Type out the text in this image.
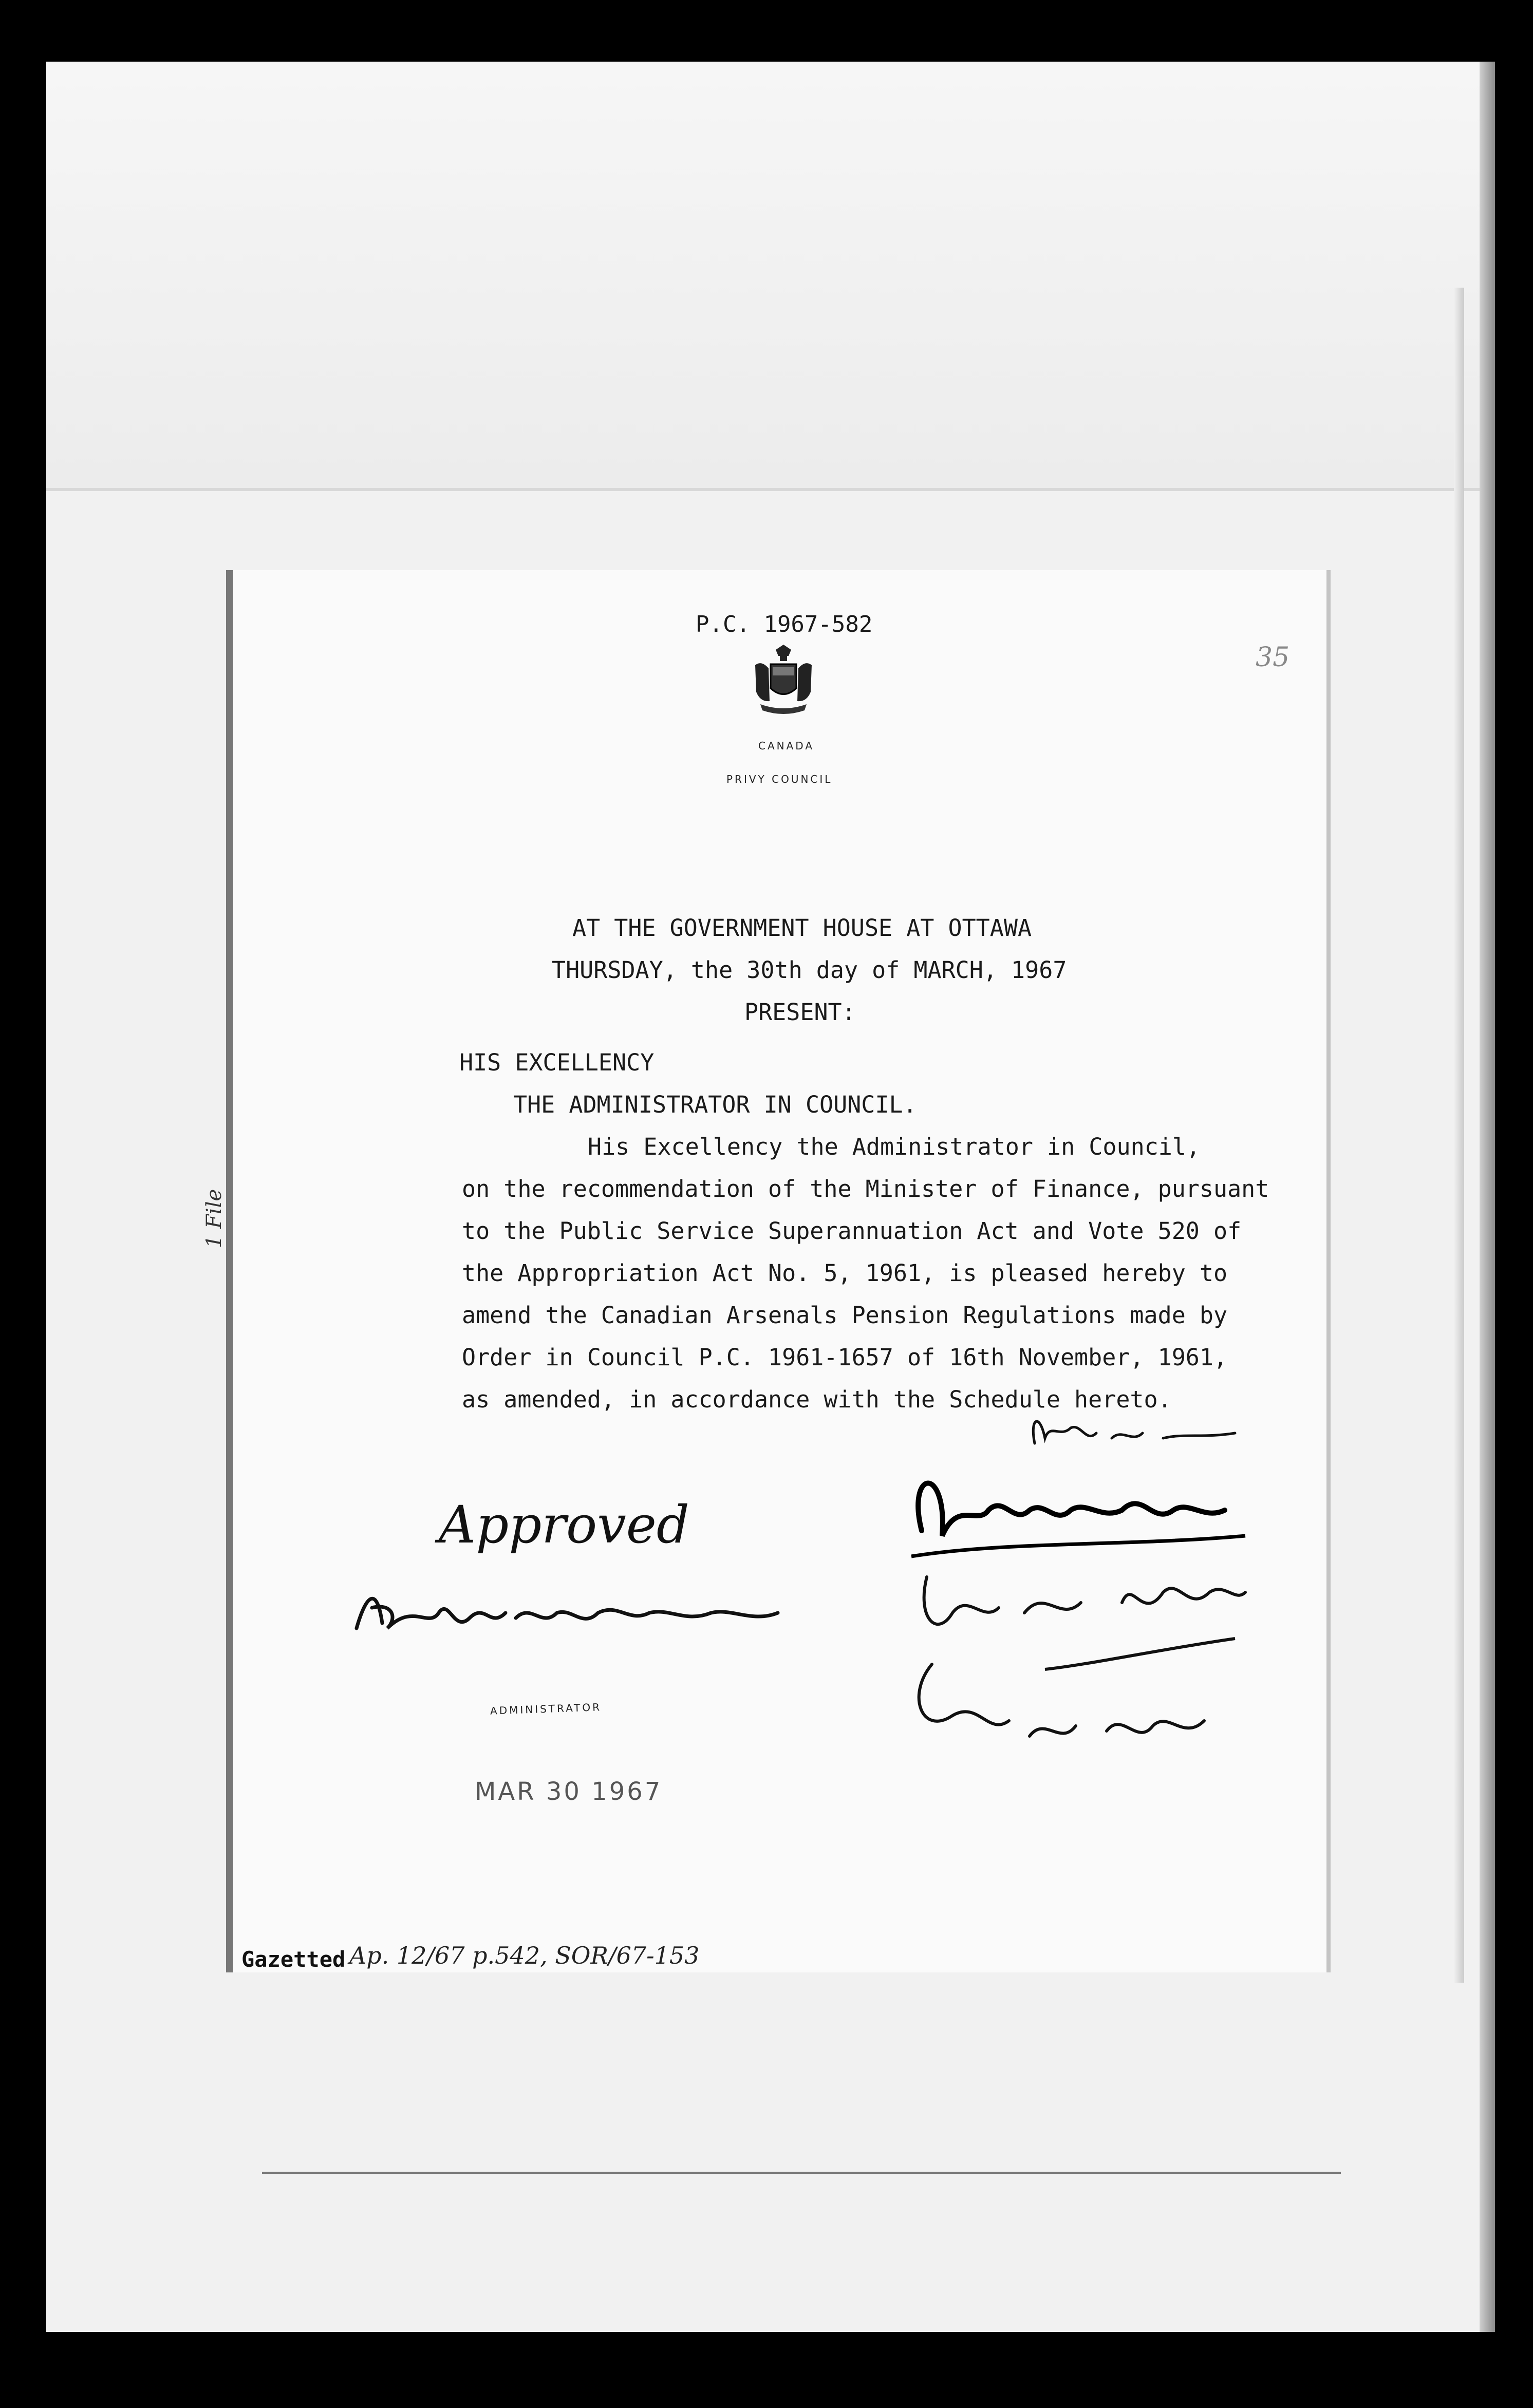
P.C. 1967-582
CANADA
PRIVY COUNCIL
35
AT THE GOVERNMENT HOUSE AT OTTAWA
THURSDAY, the 30th day of MARCH, 1967
PRESENT:
HIS EXCELLENCY
THE ADMINISTRATOR IN COUNCIL.
His Excellency the Administrator in Council,
on the recommendation of the Minister of Finance, pursuant
to the Public Service Superannuation Act and Vote 520 of
the Appropriation Act No. 5, 1961, is pleased hereby to
amend the Canadian Arsenals Pension Regulations made by
Order in Council P.C. 1961-1657 of 16th November, 1961,
as amended, in accordance with the Schedule hereto.
1 File
Approved
ADMINISTRATOR
MAR 30 1967
Gazetted Ap. 12/67 p.542, SOR/67-153
